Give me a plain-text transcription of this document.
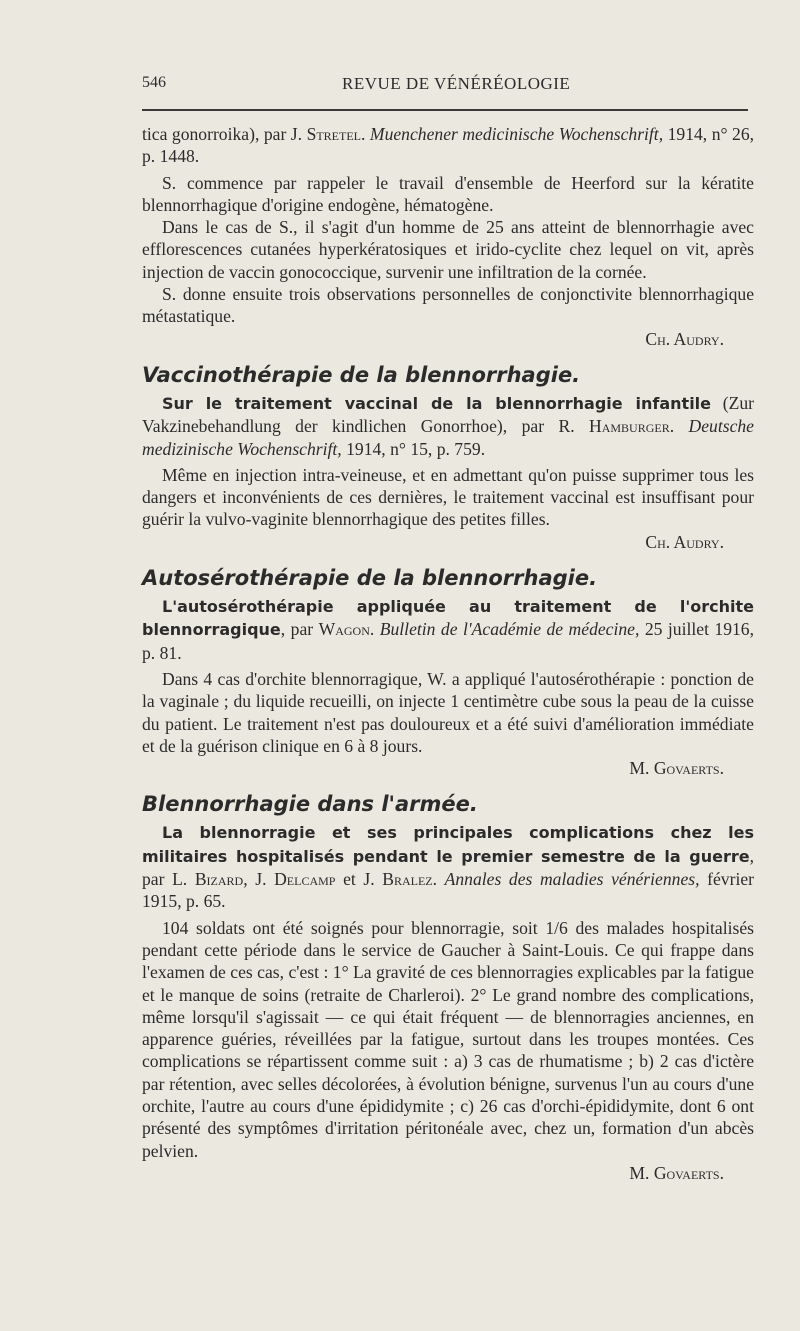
546	REVUE DE VÉNÉRÉOLOGIE

tica gonorroika), par J. Stretel. Muenchener medicinische Wochenschrift, 1914, n° 26, p. 1448.

S. commence par rappeler le travail d'ensemble de Heerford sur la kératite blennorrhagique d'origine endogène, hématogène.

Dans le cas de S., il s'agit d'un homme de 25 ans atteint de blennorrhagie avec efflorescences cutanées hyperkératosiques et irido-cyclite chez lequel on vit, après injection de vaccin gonococcique, survenir une infiltration de la cornée.

S. donne ensuite trois observations personnelles de conjonctivite blennorrhagique métastatique.

Ch. Audry.
Vaccinothérapie de la blennorrhagie.

Sur le traitement vaccinal de la blennorrhagie infantile (Zur Vakzinebehandlung der kindlichen Gonorrhoe), par R. Hamburger. Deutsche medizinische Wochenschrift, 1914, n° 15, p. 759.

Même en injection intra-veineuse, et en admettant qu'on puisse supprimer tous les dangers et inconvénients de ces dernières, le traitement vaccinal est insuffisant pour guérir la vulvo-vaginite blennorrhagique des petites filles.

Ch. Audry.
Autosérothérapie de la blennorrhagie.

L'autosérothérapie appliquée au traitement de l'orchite blennorragique, par Wagon. Bulletin de l'Académie de médecine, 25 juillet 1916, p. 81.

Dans 4 cas d'orchite blennorragique, W. a appliqué l'autosérothérapie : ponction de la vaginale ; du liquide recueilli, on injecte 1 centimètre cube sous la peau de la cuisse du patient. Le traitement n'est pas douloureux et a été suivi d'amélioration immédiate et de la guérison clinique en 6 à 8 jours.

M. Govaerts.
Blennorrhagie dans l'armée.

La blennorragie et ses principales complications chez les militaires hospitalisés pendant le premier semestre de la guerre, par L. Bizard, J. Delcamp et J. Bralez. Annales des maladies vénériennes, février 1915, p. 65.

104 soldats ont été soignés pour blennorragie, soit 1/6 des malades hospitalisés pendant cette période dans le service de Gaucher à Saint-Louis. Ce qui frappe dans l'examen de ces cas, c'est : 1° La gravité de ces blennorragies explicables par la fatigue et le manque de soins (retraite de Charleroi). 2° Le grand nombre des complications, même lorsqu'il s'agissait — ce qui était fréquent — de blennorragies anciennes, en apparence guéries, réveillées par la fatigue, surtout dans les troupes montées. Ces complications se répartissent comme suit : a) 3 cas de rhumatisme ; b) 2 cas d'ictère par rétention, avec selles décolorées, à évolution bénigne, survenus l'un au cours d'une orchite, l'autre au cours d'une épididymite ; c) 26 cas d'orchi-épididymite, dont 6 ont présenté des symptômes d'irritation péritonéale avec, chez un, formation d'un abcès pelvien.

M. Govaerts.
